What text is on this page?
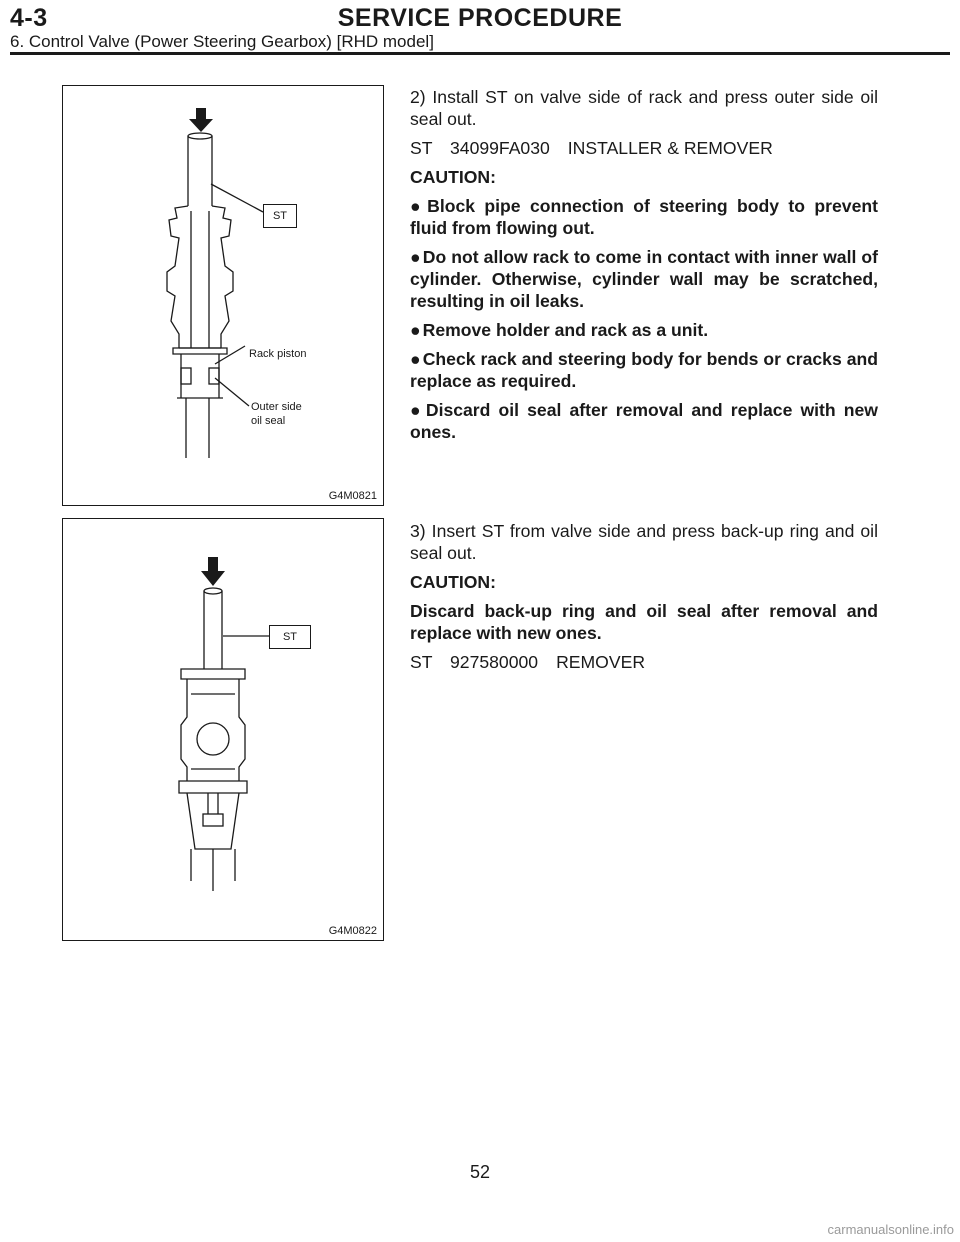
4-3	SERVICE PROCEDURE
6. Control Valve (Power Steering Gearbox) [RHD model]
ST
Rack piston
Outer side
oil seal
G4M0821

2) Install ST on valve side of rack and press outer side oil seal out.

ST 34099FA030 INSTALLER & REMOVER

CAUTION:

● Block pipe connection of steering body to prevent fluid from flowing out.

● Do not allow rack to come in contact with inner wall of cylinder. Otherwise, cylinder wall may be scratched, resulting in oil leaks.

● Remove holder and rack as a unit.

● Check rack and steering body for bends or cracks and replace as required.

● Discard oil seal after removal and replace with new ones.

ST
G4M0822

3) Insert ST from valve side and press back-up ring and oil seal out.

CAUTION:

Discard back-up ring and oil seal after removal and replace with new ones.

ST 927580000 REMOVER

52
carmanualsonline.info
